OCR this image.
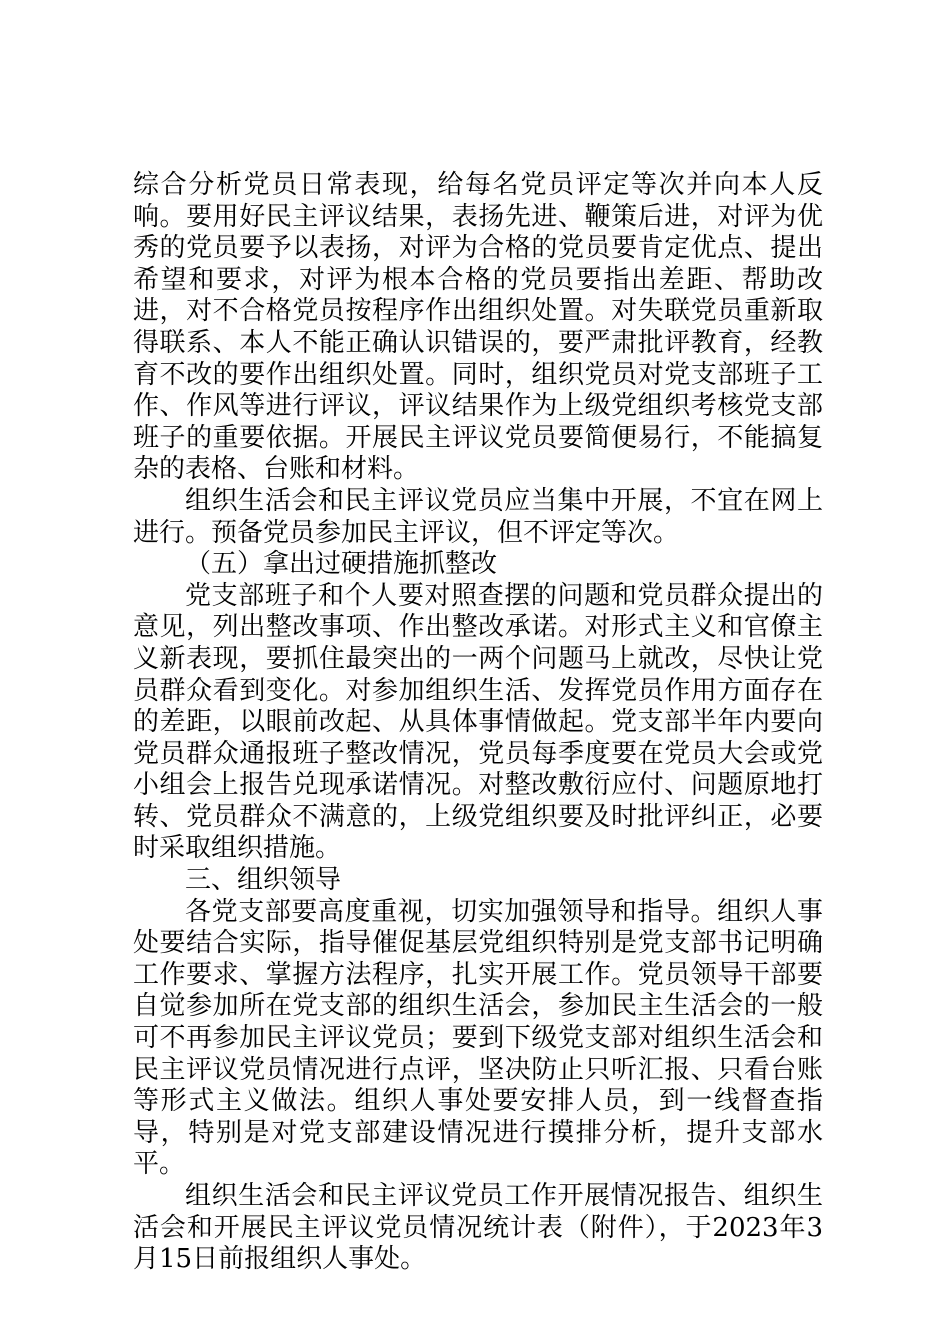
综合分析党员日常表现，给每名党员评定等次并向本人反响。要用好民主评议结果，表扬先进、鞭策后进，对评为优秀的党员要予以表扬，对评为合格的党员要肯定优点、提出希望和要求，对评为根本合格的党员要指出差距、帮助改进，对不合格党员按程序作出组织处置。对失联党员重新取得联系、本人不能正确认识错误的，要严肃批评教育，经教育不改的要作出组织处置。同时，组织党员对党支部班子工作、作风等进行评议，评议结果作为上级党组织考核党支部班子的重要依据。开展民主评议党员要简便易行，不能搞复杂的表格、台账和材料。

组织生活会和民主评议党员应当集中开展，不宜在网上进行。预备党员参加民主评议，但不评定等次。

（五）拿出过硬措施抓整改

党支部班子和个人要对照查摆的问题和党员群众提出的意见，列出整改事项、作出整改承诺。对形式主义和官僚主义新表现，要抓住最突出的一两个问题马上就改，尽快让党员群众看到变化。对参加组织生活、发挥党员作用方面存在的差距，以眼前改起、从具体事情做起。党支部半年内要向党员群众通报班子整改情况，党员每季度要在党员大会或党小组会上报告兑现承诺情况。对整改敷衍应付、问题原地打转、党员群众不满意的，上级党组织要及时批评纠正，必要时采取组织措施。

三、组织领导

各党支部要高度重视，切实加强领导和指导。组织人事处要结合实际，指导催促基层党组织特别是党支部书记明确工作要求、掌握方法程序，扎实开展工作。党员领导干部要自觉参加所在党支部的组织生活会，参加民主生活会的一般可不再参加民主评议党员；要到下级党支部对组织生活会和民主评议党员情况进行点评，坚决防止只听汇报、只看台账等形式主义做法。组织人事处要安排人员，到一线督查指导，特别是对党支部建设情况进行摸排分析，提升支部水平。

组织生活会和民主评议党员工作开展情况报告、组织生活会和开展民主评议党员情况统计表（附件），于2023年3月15日前报组织人事处。
